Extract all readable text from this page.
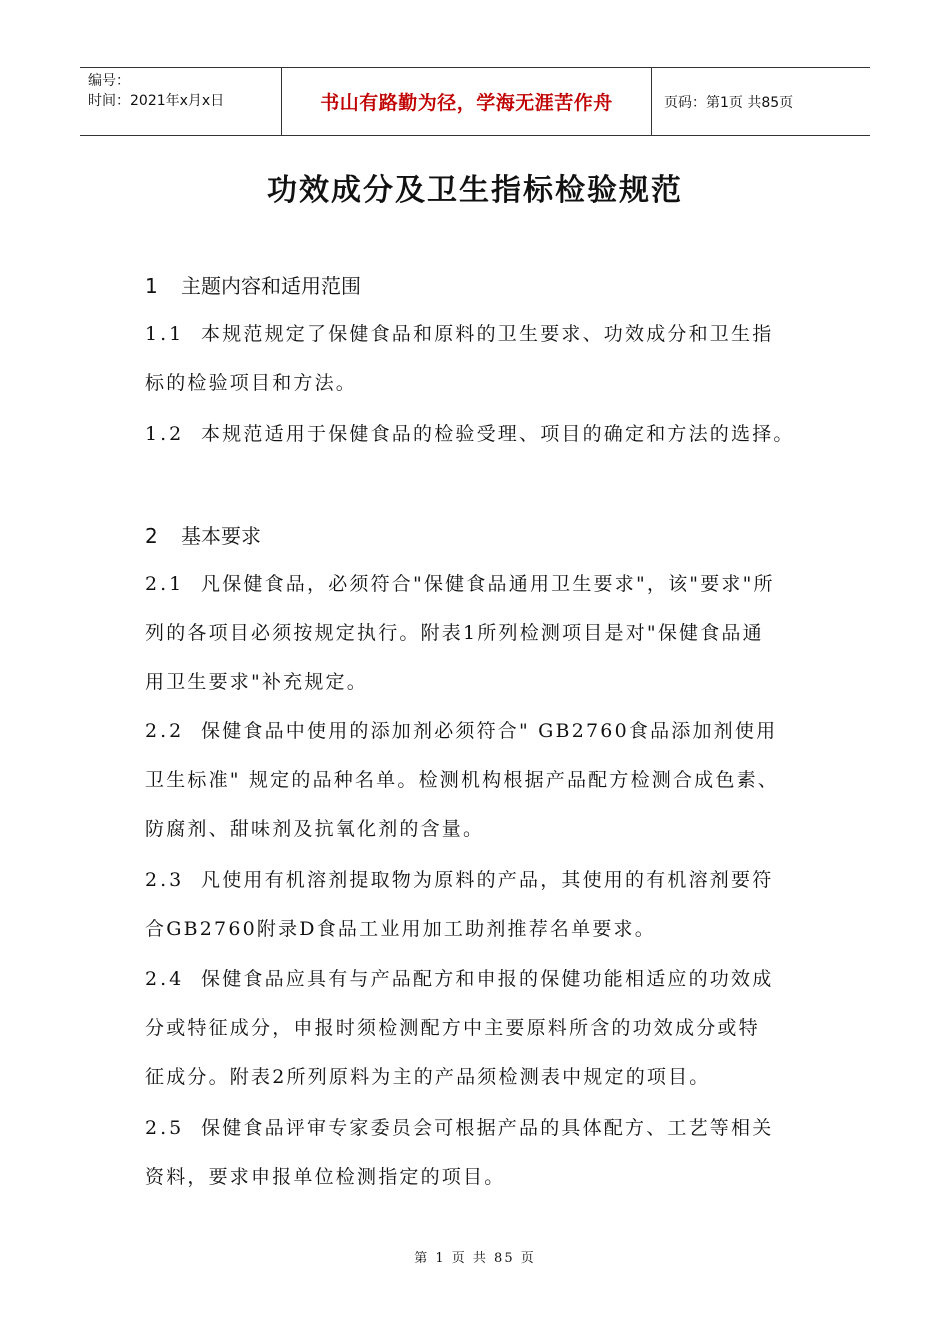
编号：
时间：2021年x月x日	书山有路勤为径，学海无涯苦作舟	页码：第1页 共85页
功效成分及卫生指标检验规范
1 主题内容和适用范围
1.1 本规范规定了保健食品和原料的卫生要求、功效成分和卫生指
标的检验项目和方法。
1.2 本规范适用于保健食品的检验受理、项目的确定和方法的选择。
2 基本要求
2.1 凡保健食品，必须符合"保健食品通用卫生要求"，该"要求"所
列的各项目必须按规定执行。附表1所列检测项目是对"保健食品通
用卫生要求"补充规定。
2.2 保健食品中使用的添加剂必须符合" GB2760食品添加剂使用
卫生标准" 规定的品种名单。检测机构根据产品配方检测合成色素、
防腐剂、甜味剂及抗氧化剂的含量。
2.3 凡使用有机溶剂提取物为原料的产品，其使用的有机溶剂要符
合GB2760附录D食品工业用加工助剂推荐名单要求。
2.4 保健食品应具有与产品配方和申报的保健功能相适应的功效成
分或特征成分，申报时须检测配方中主要原料所含的功效成分或特
征成分。附表2所列原料为主的产品须检测表中规定的项目。
2.5 保健食品评审专家委员会可根据产品的具体配方、工艺等相关
资料，要求申报单位检测指定的项目。
第 1 页 共 85 页
